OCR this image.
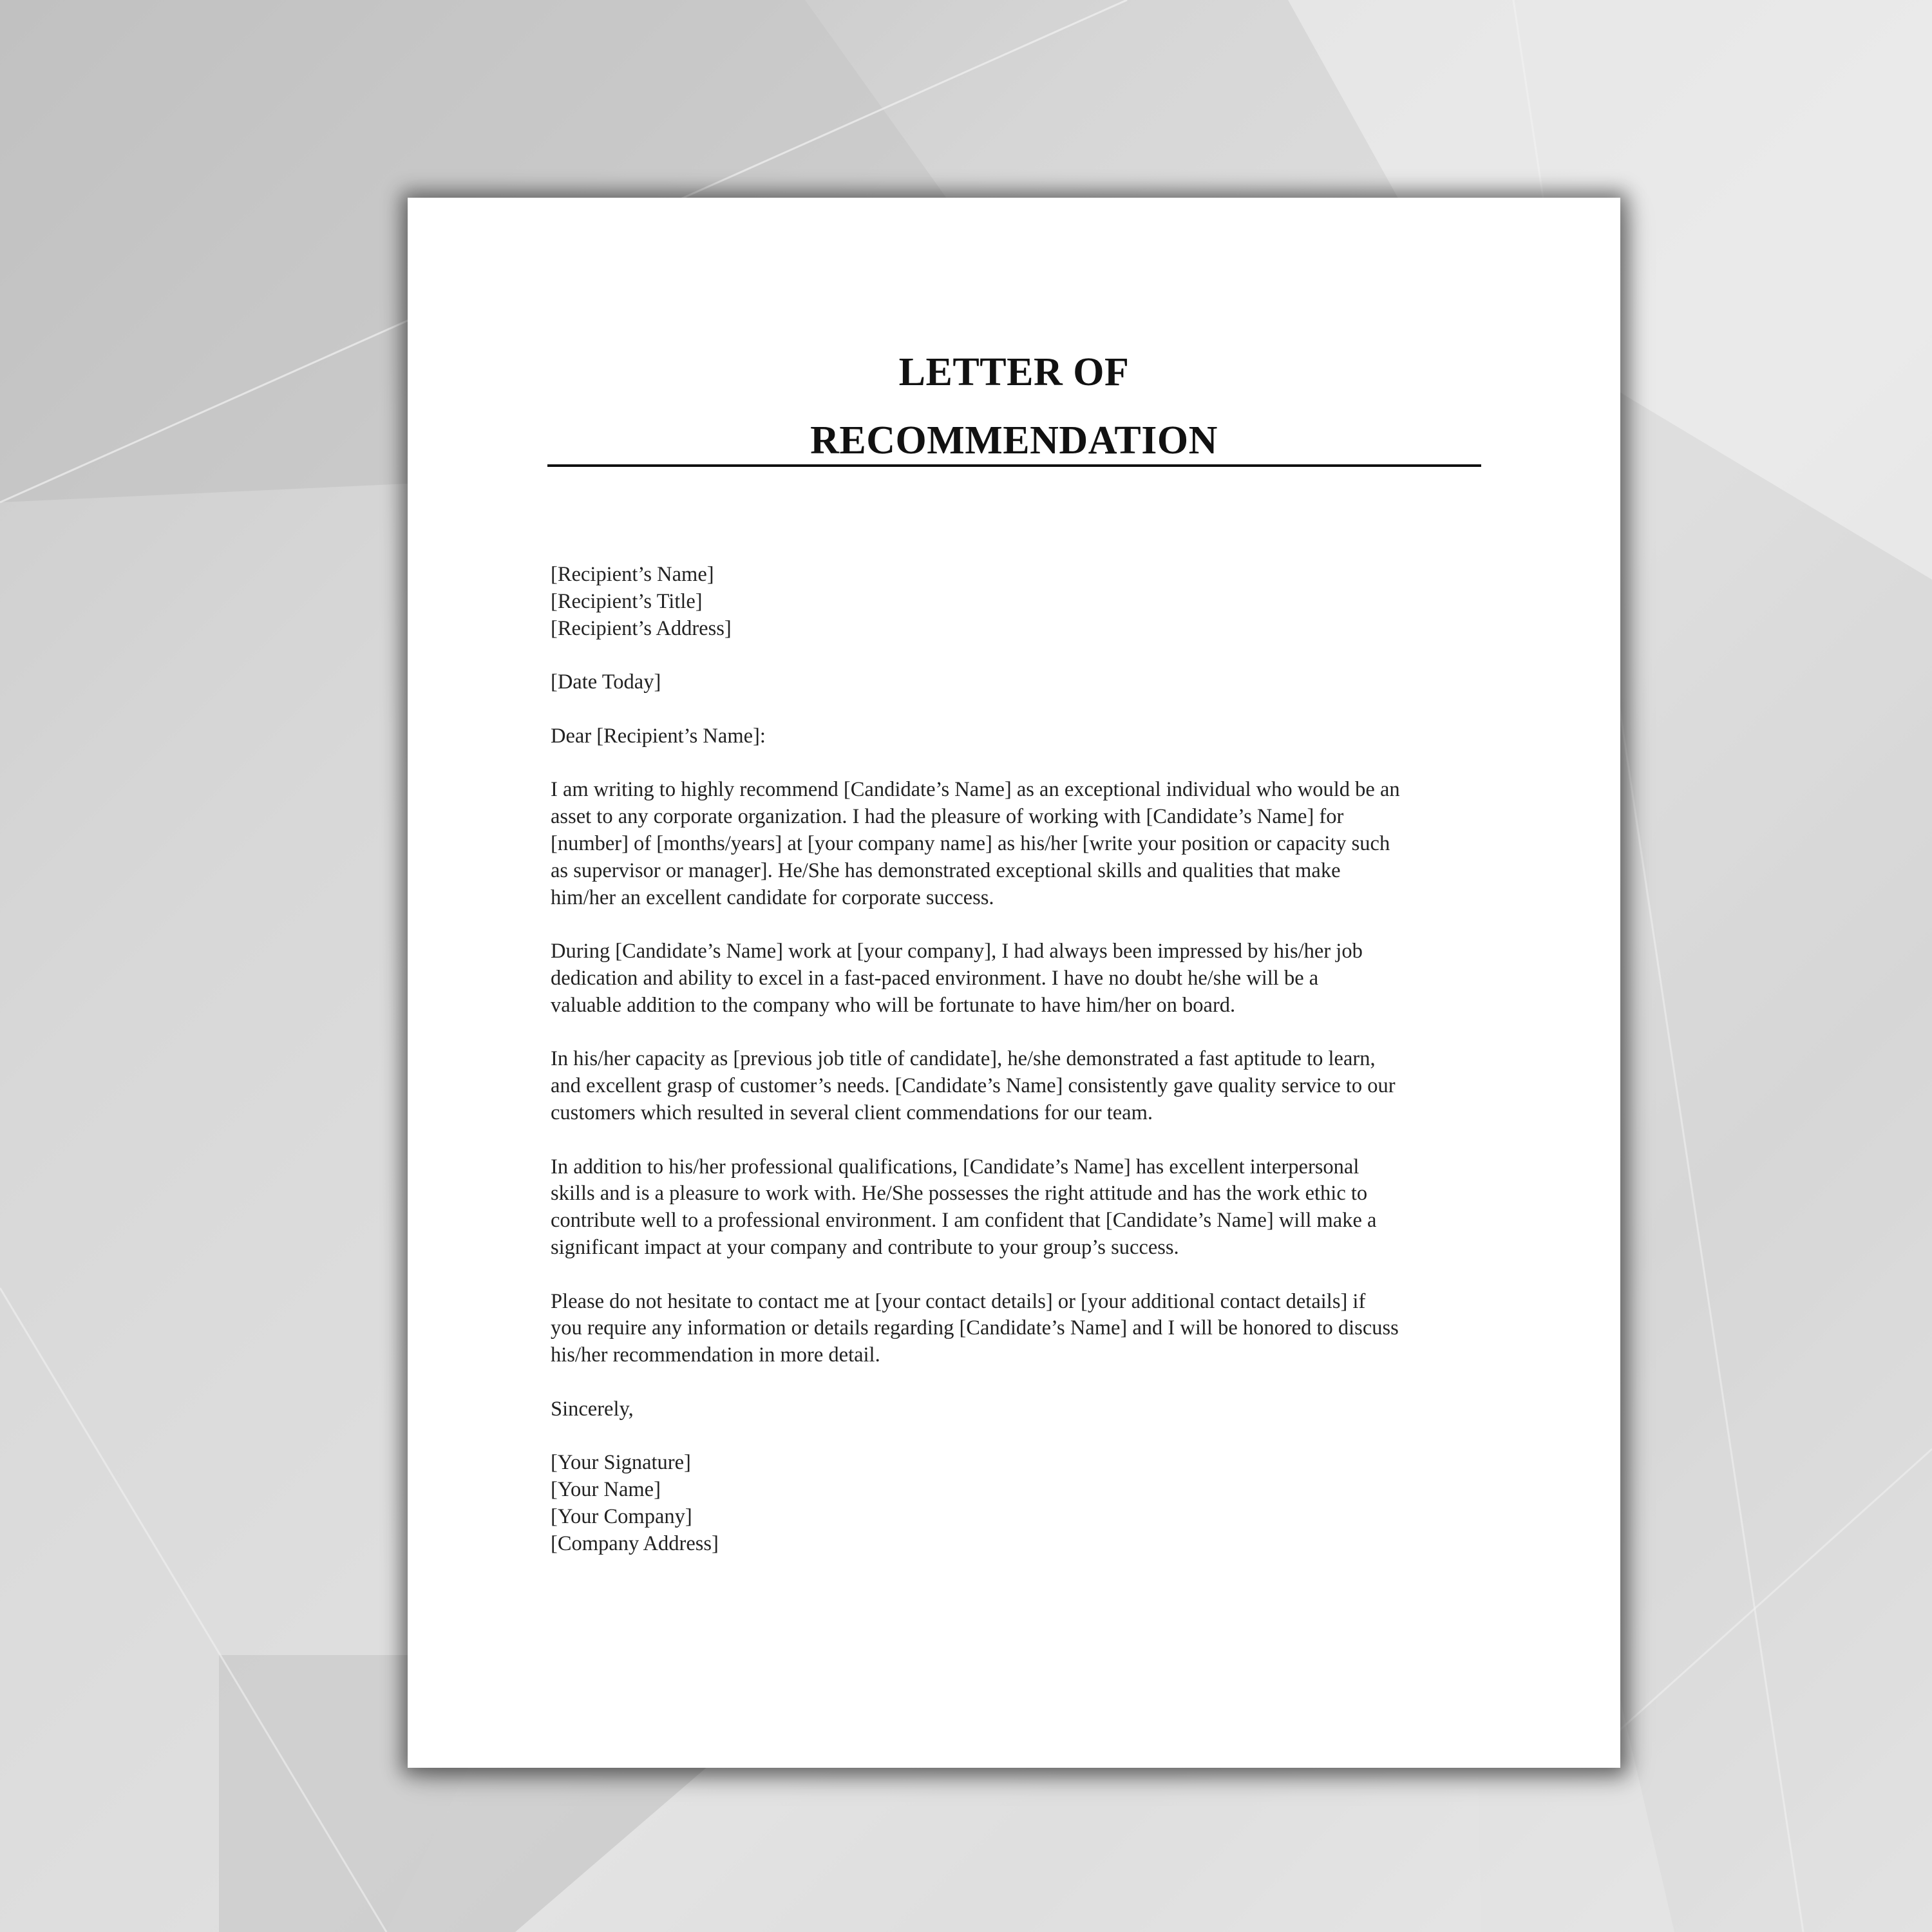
LETTER OF
RECOMMENDATION
[Recipient’s Name]
[Recipient’s Title]
[Recipient’s Address]
[Date Today]
Dear [Recipient’s Name]:
I am writing to highly recommend [Candidate’s Name] as an exceptional individual who would be an
asset to any corporate organization. I had the pleasure of working with [Candidate’s Name] for
[number] of [months/years] at [your company name] as his/her [write your position or capacity such
as supervisor or manager]. He/She has demonstrated exceptional skills and qualities that make
him/her an excellent candidate for corporate success.
During [Candidate’s Name] work at [your company], I had always been impressed by his/her job
dedication and ability to excel in a fast-paced environment. I have no doubt he/she will be a
valuable addition to the company who will be fortunate to have him/her on board.
In his/her capacity as [previous job title of candidate], he/she demonstrated a fast aptitude to learn,
and excellent grasp of customer’s needs. [Candidate’s Name] consistently gave quality service to our
customers which resulted in several client commendations for our team.
In addition to his/her professional qualifications, [Candidate’s Name] has excellent interpersonal
skills and is a pleasure to work with. He/She possesses the right attitude and has the work ethic to
contribute well to a professional environment. I am confident that [Candidate’s Name] will make a
significant impact at your company and contribute to your group’s success.
Please do not hesitate to contact me at [your contact details] or [your additional contact details] if
you require any information or details regarding [Candidate’s Name] and I will be honored to discuss
his/her recommendation in more detail.
Sincerely,
[Your Signature]
[Your Name]
[Your Company]
[Company Address]
